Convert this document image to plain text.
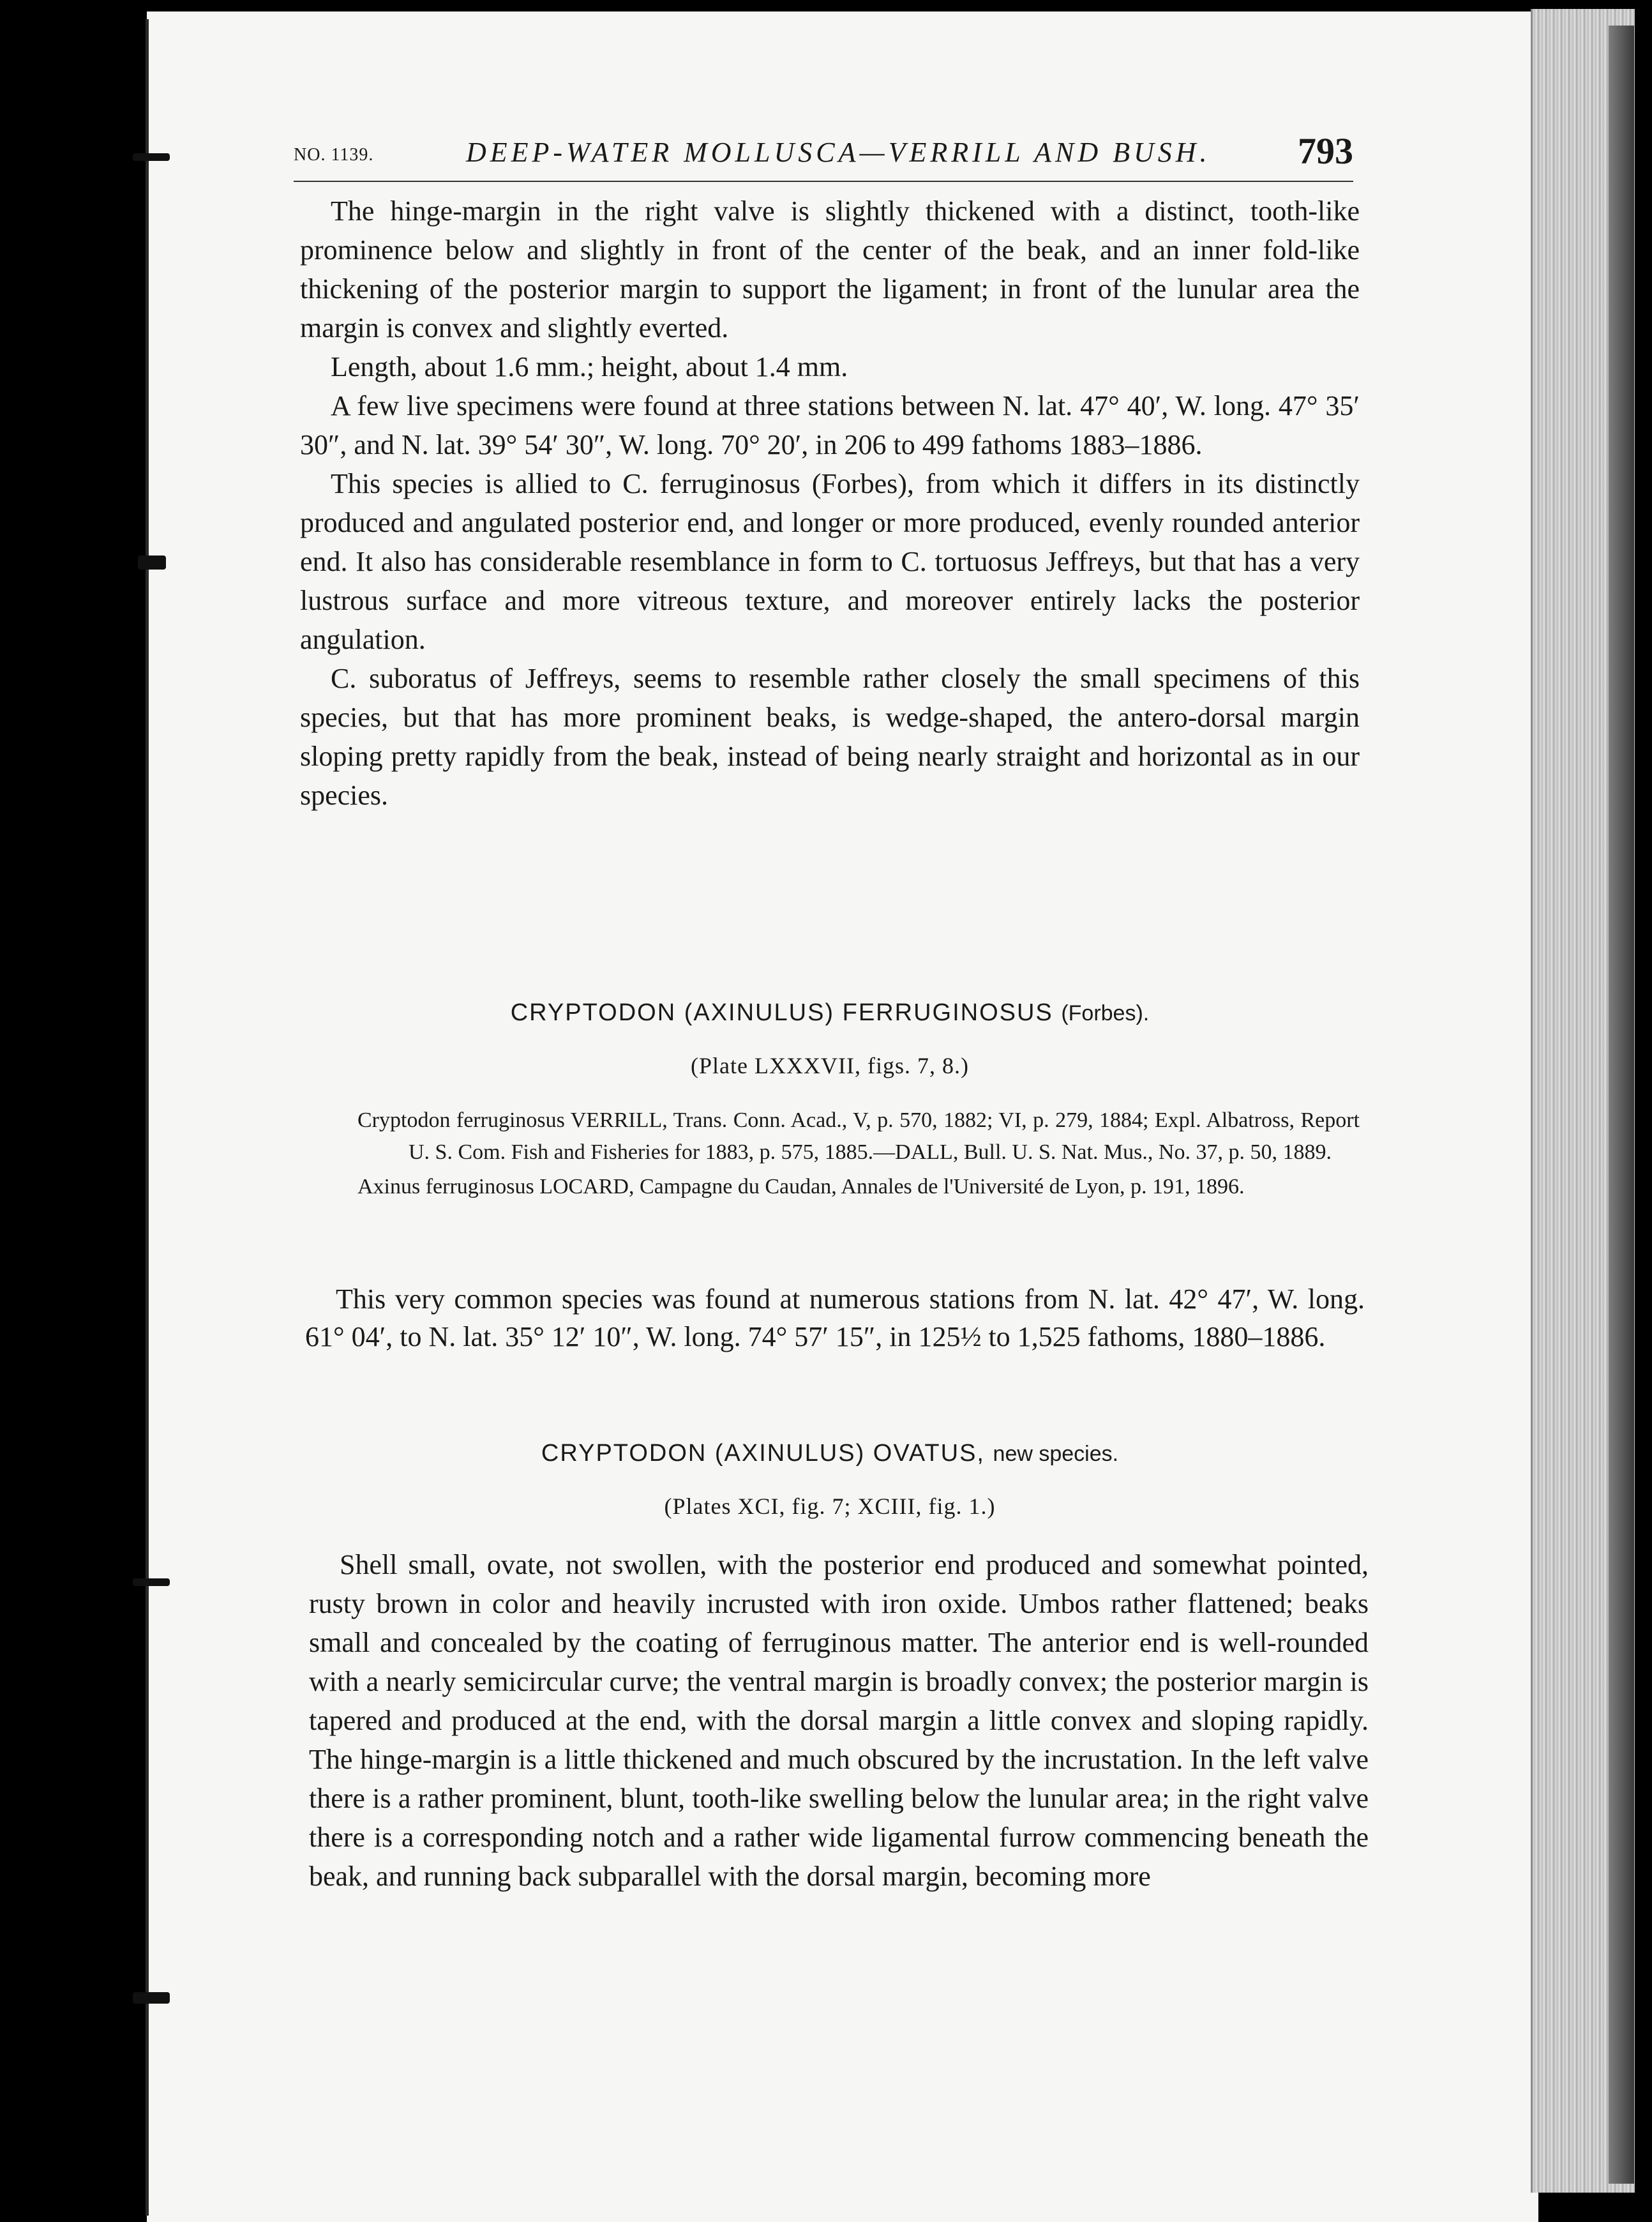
NO. 1139.	DEEP-WATER MOLLUSCA—VERRILL AND BUSH. 793

The hinge-margin in the right valve is slightly thickened with a distinct, tooth-like prominence below and slightly in front of the center of the beak, and an inner fold-like thickening of the posterior margin to support the ligament; in front of the lunular area the margin is convex and slightly everted.

Length, about 1.6 mm.; height, about 1.4 mm.

A few live specimens were found at three stations between N. lat. 47° 40′, W. long. 47° 35′ 30″, and N. lat. 39° 54′ 30″, W. long. 70° 20′, in 206 to 499 fathoms 1883–1886.

This species is allied to C. ferruginosus (Forbes), from which it differs in its distinctly produced and angulated posterior end, and longer or more produced, evenly rounded anterior end. It also has considerable resemblance in form to C. tortuosus Jeffreys, but that has a very lustrous surface and more vitreous texture, and moreover entirely lacks the posterior angulation.

C. suboratus of Jeffreys, seems to resemble rather closely the small specimens of this species, but that has more prominent beaks, is wedge-shaped, the antero-dorsal margin sloping pretty rapidly from the beak, instead of being nearly straight and horizontal as in our species.

CRYPTODON (AXINULUS) FERRUGINOSUS (Forbes).
(Plate LXXXVII, figs. 7, 8.)

Cryptodon ferruginosus VERRILL, Trans. Conn. Acad., V, p. 570, 1882; VI, p. 279, 1884; Expl. Albatross, Report U. S. Com. Fish and Fisheries for 1883, p. 575, 1885.—DALL, Bull. U. S. Nat. Mus., No. 37, p. 50, 1889.

Axinus ferruginosus LOCARD, Campagne du Caudan, Annales de l'Université de Lyon, p. 191, 1896.

This very common species was found at numerous stations from N. lat. 42° 47′, W. long. 61° 04′, to N. lat. 35° 12′ 10″, W. long. 74° 57′ 15″, in 125½ to 1,525 fathoms, 1880–1886.

CRYPTODON (AXINULUS) OVATUS, new species.
(Plates XCI, fig. 7; XCIII, fig. 1.)

Shell small, ovate, not swollen, with the posterior end produced and somewhat pointed, rusty brown in color and heavily incrusted with iron oxide. Umbos rather flattened; beaks small and concealed by the coating of ferruginous matter. The anterior end is well-rounded with a nearly semicircular curve; the ventral margin is broadly convex; the posterior margin is tapered and produced at the end, with the dorsal margin a little convex and sloping rapidly. The hinge-margin is a little thickened and much obscured by the incrustation. In the left valve there is a rather prominent, blunt, tooth-like swelling below the lunular area; in the right valve there is a corresponding notch and a rather wide ligamental furrow commencing beneath the beak, and running back subparallel with the dorsal margin, becoming more
